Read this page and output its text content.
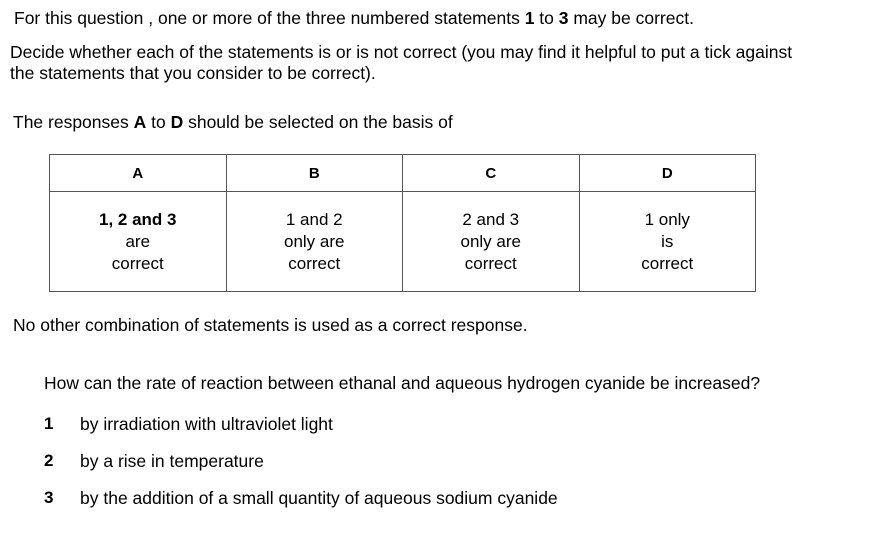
For this question , one or more of the three numbered statements 1 to 3 may be correct.
Decide whether each of the statements is or is not correct (you may find it helpful to put a tick against
the statements that you consider to be correct).
The responses A to D should be selected on the basis of
A	B	C	D

1, 2 and 3
are
correct	1 and 2
only are
correct	2 and 3
only are
correct	1 only
is
correct
No other combination of statements is used as a correct response.
How can the rate of reaction between ethanal and aqueous hydrogen cyanide be increased?
1 by irradiation with ultraviolet light
2 by a rise in temperature
3 by the addition of a small quantity of aqueous sodium cyanide
